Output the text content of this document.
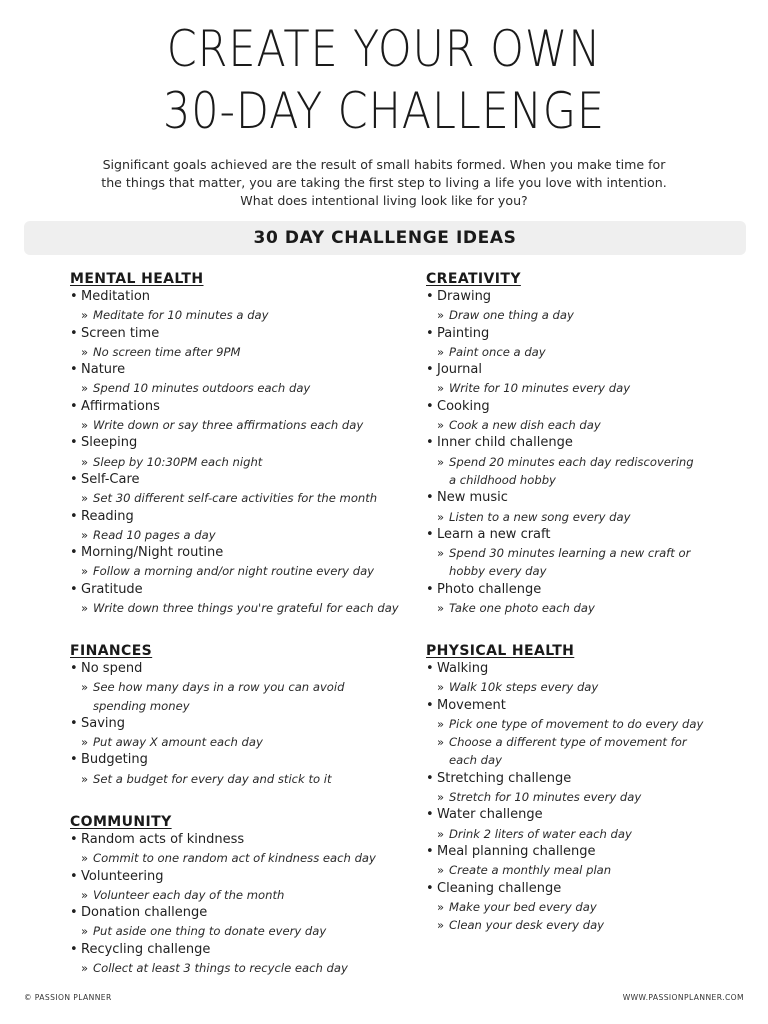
CREATE YOUR OWN
30-DAY CHALLENGE
Significant goals achieved are the result of small habits formed. When you make time for
the things that matter, you are taking the first step to living a life you love with intention.
What does intentional living look like for you?
30 DAY CHALLENGE IDEAS
MENTAL HEALTH
• Meditation
» Meditate for 10 minutes a day
• Screen time
» No screen time after 9PM
• Nature
» Spend 10 minutes outdoors each day
• Affirmations
» Write down or say three affirmations each day
• Sleeping
» Sleep by 10:30PM each night
• Self-Care
» Set 30 different self-care activities for the month
• Reading
» Read 10 pages a day
• Morning/Night routine
» Follow a morning and/or night routine every day
• Gratitude
» Write down three things you're grateful for each day
CREATIVITY
• Drawing
» Draw one thing a day
• Painting
» Paint once a day
• Journal
» Write for 10 minutes every day
• Cooking
» Cook a new dish each day
• Inner child challenge
» Spend 20 minutes each day rediscovering
a childhood hobby
• New music
» Listen to a new song every day
• Learn a new craft
» Spend 30 minutes learning a new craft or
hobby every day
• Photo challenge
» Take one photo each day
FINANCES
• No spend
» See how many days in a row you can avoid
spending money
• Saving
» Put away X amount each day
• Budgeting
» Set a budget for every day and stick to it
PHYSICAL HEALTH
• Walking
» Walk 10k steps every day
• Movement
» Pick one type of movement to do every day
» Choose a different type of movement for
each day
• Stretching challenge
» Stretch for 10 minutes every day
• Water challenge
» Drink 2 liters of water each day
• Meal planning challenge
» Create a monthly meal plan
• Cleaning challenge
» Make your bed every day
» Clean your desk every day
COMMUNITY
• Random acts of kindness
» Commit to one random act of kindness each day
• Volunteering
» Volunteer each day of the month
• Donation challenge
» Put aside one thing to donate every day
• Recycling challenge
» Collect at least 3 things to recycle each day
© PASSION PLANNER	WWW.PASSIONPLANNER.COM
